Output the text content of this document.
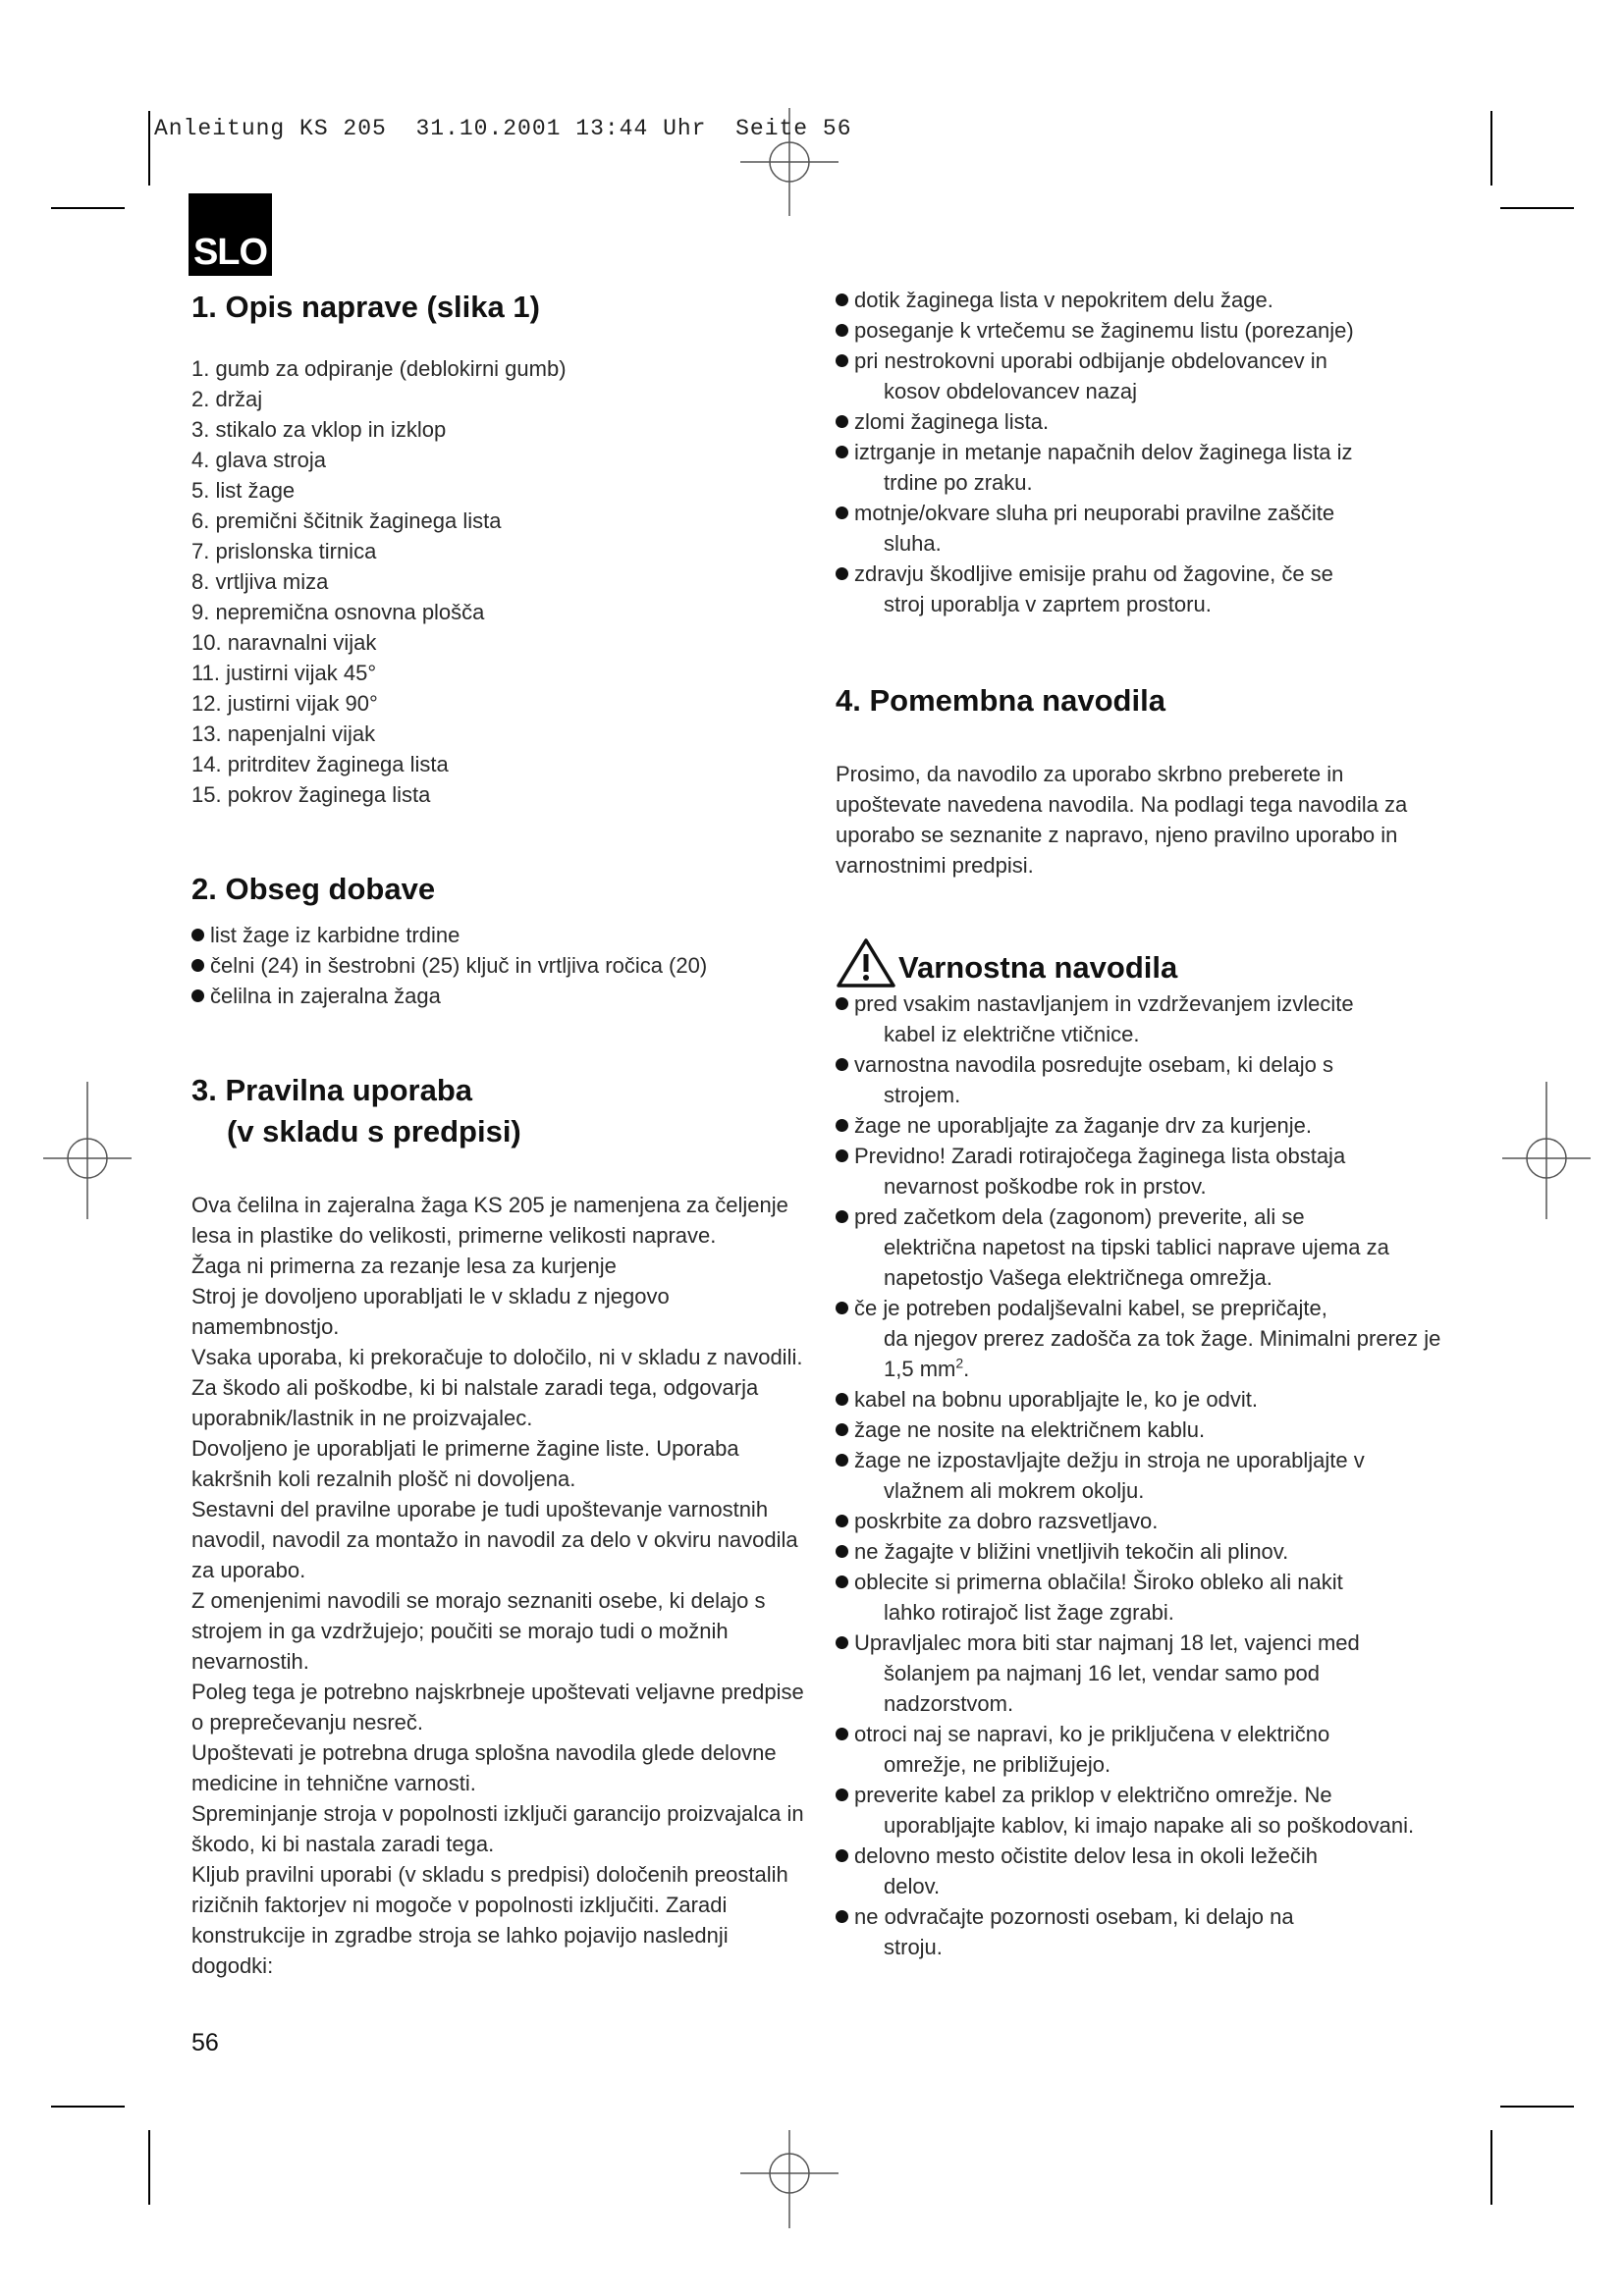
Anleitung KS 205  31.10.2001 13:44 Uhr  Seite 56
SLO
1. Opis naprave (slika 1)
1. gumb za odpiranje (deblokirni gumb)
2. držaj
3. stikalo za vklop in izklop
4. glava stroja
5. list žage
6. premični ščitnik žaginega lista
7. prislonska tirnica
8. vrtljiva miza
9. nepremična osnovna plošča
10. naravnalni vijak
11. justirni vijak 45°
12. justirni vijak 90°
13. napenjalni vijak
14. pritrditev žaginega lista
15. pokrov žaginega lista
2. Obseg dobave
list žage iz karbidne trdine
čelni (24) in šestrobni (25) ključ in vrtljiva ročica (20)
čelilna in zajeralna žaga
3. Pravilna uporaba
(v skladu s predpisi)

Ova čelilna in zajeralna žaga KS 205 je namenjena za čeljenje lesa in plastike do velikosti, primerne velikosti naprave.

Žaga ni primerna za rezanje lesa za kurjenje

Stroj je dovoljeno uporabljati le v skladu z njegovo namembnostjo.

Vsaka uporaba, ki prekoračuje to določilo, ni v skladu z navodili. Za škodo ali poškodbe, ki bi nalstale zaradi tega, odgovarja uporabnik/lastnik in ne proizvajalec.

Dovoljeno je uporabljati le primerne žagine liste. Uporaba kakršnih koli rezalnih plošč ni dovoljena.

Sestavni del pravilne uporabe je tudi upoštevanje varnostnih navodil, navodil za montažo in navodil za delo v okviru navodila za uporabo.

Z omenjenimi navodili se morajo seznaniti osebe, ki delajo s strojem in ga vzdržujejo; poučiti se morajo tudi o možnih nevarnostih.

Poleg tega je potrebno najskrbneje upoštevati veljavne predpise o preprečevanju nesreč.

Upoštevati je potrebna druga splošna navodila glede delovne medicine in tehnične varnosti.

Spreminjanje stroja v popolnosti izključi garancijo proizvajalca in škodo, ki bi nastala zaradi tega.

Kljub pravilni uporabi (v skladu s predpisi) določenih preostalih rizičnih faktorjev ni mogoče v popolnosti izključiti. Zaradi konstrukcije in zgradbe stroja se lahko pojavijo naslednji dogodki:

dotik žaginega lista v nepokritem delu žage.
poseganje k vrtečemu se žaginemu listu (porezanje)
pri nestrokovni uporabi odbijanje obdelovancev in
kosov obdelovancev nazaj
zlomi žaginega lista.
iztrganje in metanje napačnih delov žaginega lista iz
trdine po zraku.
motnje/okvare sluha pri neuporabi pravilne zaščite
sluha.
zdravju škodljive emisije prahu od žagovine, če se
stroj uporablja v zaprtem prostoru.
4. Pomembna navodila

Prosimo, da navodilo za uporabo skrbno preberete in upoštevate navedena navodila. Na podlagi tega navodila za uporabo se seznanite z napravo, njeno pravilno uporabo in varnostnimi predpisi.

Varnostna navodila
pred vsakim nastavljanjem in vzdrževanjem izvlecite
kabel iz električne vtičnice.
varnostna navodila posredujte osebam, ki delajo s
strojem.
žage ne uporabljajte za žaganje drv za kurjenje.
Previdno! Zaradi rotirajočega žaginega lista obstaja
nevarnost poškodbe rok in prstov.
pred začetkom dela (zagonom) preverite, ali se
električna napetost na tipski tablici naprave ujema za napetostjo Vašega električnega omrežja.
če je potreben podaljševalni kabel, se prepričajte,
da njegov prerez zadošča za tok žage. Minimalni prerez je 1,5 $mm^2$.
kabel na bobnu uporabljajte le, ko je odvit.
žage ne nosite na električnem kablu.
žage ne izpostavljajte dežju in stroja ne uporabljajte v
vlažnem ali mokrem okolju.
poskrbite za dobro razsvetljavo.
ne žagajte v bližini vnetljivih tekočin ali plinov.
oblecite si primerna oblačila! Široko obleko ali nakit
lahko rotirajoč list žage zgrabi.
Upravljalec mora biti star najmanj 18 let, vajenci med
šolanjem pa najmanj 16 let, vendar samo pod nadzorstvom.
otroci naj se napravi, ko je priključena v električno
omrežje, ne približujejo.
preverite kabel za priklop v električno omrežje. Ne
uporabljajte kablov, ki imajo napake ali so poškodovani.
delovno mesto očistite delov lesa in okoli ležečih
delov.
ne odvračajte pozornosti osebam, ki delajo na
stroju.
56
